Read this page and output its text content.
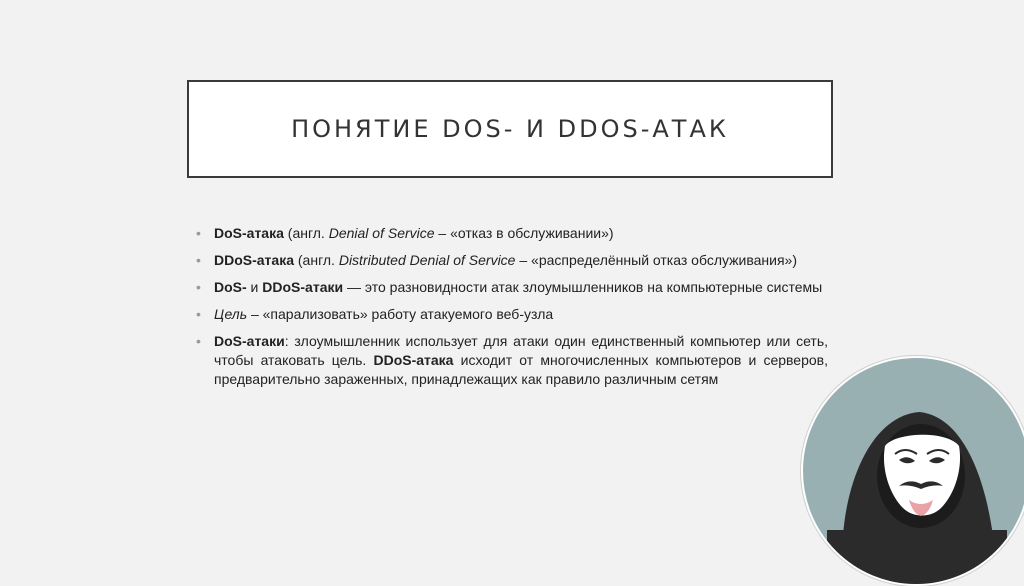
ПОНЯТИЕ DOS- И DDOS-АТАК
• DoS-атака (англ. Denial of Service – «отказ в обслуживании»)
• DDoS-атака (англ. Distributed Denial of Service – «распределённый отказ обслуживания»)
• DoS- и DDoS-атаки — это разновидности атак злоумышленников на компьютерные системы
• Цель – «парализовать» работу атакуемого веб-узла
• DoS-атаки: злоумышленник использует для атаки один единственный компьютер или сеть, чтобы атаковать цель. DDoS-атака исходит от многочисленных компьютеров и серверов, предварительно зараженных, принадлежащих как правило различным сетям
